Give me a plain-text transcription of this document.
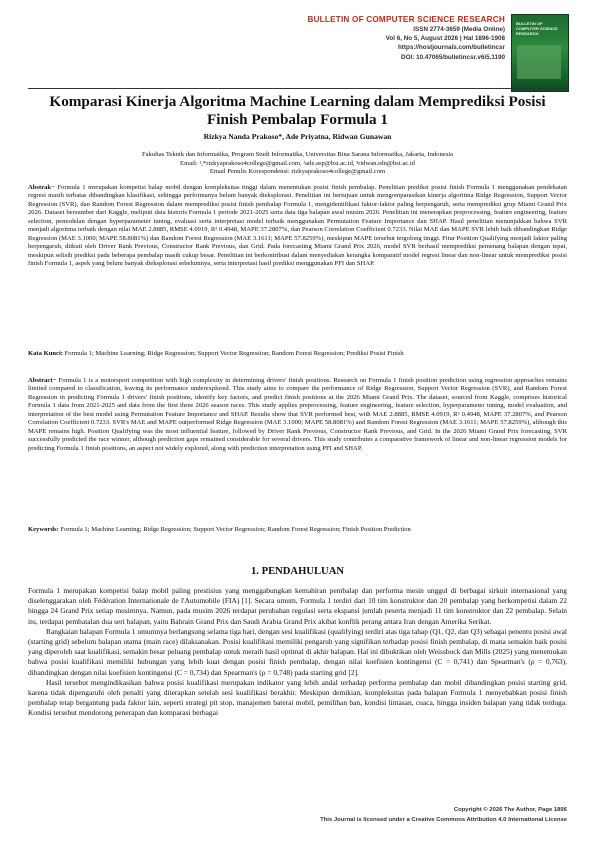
BULLETIN OF COMPUTER SCIENCE RESEARCH
ISSN 2774-3659 (Media Online)
Vol 6, No 5, August 2026 | Hal 1896-1908
https://hostjournals.com/bulletincsr
DOI: 10.47065/bulletincsr.v6i5.1190
BULLETIN OF COMPUTER SCIENCE RESEARCH
Komparasi Kinerja Algoritma Machine Learning dalam Memprediksi Posisi Finish Pembalap Formula 1
Rizkya Nanda Prakoso*, Ade Priyatna, Ridwan Gunawan
Fakultas Teknik dan Informatika, Program Studi Informatika, Universitas Bina Sarana Informatika, Jakarta, Indonesia
Email: ¹,*rizkyaprakoso4college@gmail.com, ²ade.asp@bsi.ac.id, ³ridwan.rdn@bsi.ac.id
Email Penulis Korespondensi: rizkyaprakoso4college@gmail.com
Abstrak− Formula 1 merupakan kompetisi balap mobil dengan kompleksitas tinggi dalam menentukan posisi finish pembalap. Penelitian prediksi posisi finish Formula 1 menggunakan pendekatan regresi masih terbatas dibandingkan klasifikasi, sehingga performanya belum banyak dieksplorasi. Penelitian ini bertujuan untuk mengomparasikan kinerja algoritma Ridge Regression, Support Vector Regression (SVR), dan Random Forest Regression dalam memprediksi posisi finish pembalap Formula 1, mengidentifikasi faktor-faktor paling berpengaruh, serta memprediksi grup Miami Grand Prix 2026. Dataset bersumber dari Kaggle, meliputi data historis Formula 1 periode 2021-2025 serta data tiga balapan awal musim 2026. Penelitian ini menerapkan preprocessing, feature engineering, feature selection, pemodelan dengan hyperparameter tuning, evaluasi serta interpretasi model terbaik menggunakan Permutation Feature Importance dan SHAP. Hasil penelitian menunjukkan bahwa SVR menjadi algoritma terbaik dengan nilai MAE 2.8885, RMSE 4.0919, R² 0.4948, MAPE 37.2807%, dan Pearson Correlation Coefficient 0.7233. Nilai MAE dan MAPE SVR lebih baik dibandingkan Ridge Regression (MAE 3.1000; MAPE 58.8081%) dan Random Forest Regression (MAE 3.1611; MAPE 57.8259%), meskipun MAPE tersebut tergolong tinggi. Fitur Position Qualifying menjadi faktor paling berpengaruh, diikuti oleh Driver Rank Previous, Constructor Rank Previous, dan Grid. Pada forecasting Miami Grand Prix 2026, model SVR berhasil memprediksi pemenang balapan dengan tepat, meskipun selisih prediksi pada beberapa pembalap masih cukup besar. Penelitian ini berkontribusi dalam menyediakan kerangka komparatif model regresi linear dan non-linear untuk memprediksi posisi finish Formula 1, aspek yang belum banyak dieksplorasi sebelumnya, serta interpretasi hasil prediksi menggunakan PFI dan SHAP.
Kata Kunci: Formula 1; Machine Learning; Ridge Regression; Support Vector Regression; Random Forest Regression; Prediksi Posisi Finish
Abstract− Formula 1 is a motorsport competition with high complexity in determining drivers' finish positions. Research on Formula 1 finish position prediction using regression approaches remains limited compared to classification, leaving its performance underexplored. This study aims to compare the performance of Ridge Regression, Support Vector Regression (SVR), and Random Forest Regression in predicting Formula 1 drivers' finish positions, identify key factors, and predict finish positions at the 2026 Miami Grand Prix. The dataset, sourced from Kaggle, comprises historical Formula 1 data from 2021-2025 and data from the first three 2026 season races. This study applies preprocessing, feature engineering, feature selection, hyperparameter tuning, model evaluation, and interpretation of the best model using Permutation Feature Importance and SHAP. Results show that SVR performed best, with MAE 2.8885, RMSE 4.0919, R² 0.4948, MAPE 37.2807%, and Pearson Correlation Coefficient 0.7233. SVR's MAE and MAPE outperformed Ridge Regression (MAE 3.1000; MAPE 58.8081%) and Random Forest Regression (MAE 3.1611; MAPE 57.8259%), although this MAPE remains high. Position Qualifying was the most influential feature, followed by Driver Rank Previous, Constructor Rank Previous, and Grid. In the 2026 Miami Grand Prix forecasting, SVR successfully predicted the race winner, although prediction gaps remained considerable for several drivers. This study contributes a comparative framework of linear and non-linear regression models for predicting Formula 1 finish positions, an aspect not widely explored, along with prediction interpretation using PFI and SHAP.
Keywords: Formula 1; Machine Learning; Ridge Regression; Support Vector Regression; Random Forest Regression; Finish Position Prediction
1. PENDAHULUAN

Formula 1 merupakan kompetisi balap mobil paling prestisius yang menggabungkan kemahiran pembalap dan performa mesin unggul di berbagai sirkuit internasional yang diselenggarakan oleh Fédération Internationale de l'Automobile (FIA) [1]. Secara umum, Formula 1 terdiri dari 10 tim konstruktor dan 20 pembalap yang berkompetisi dalam 22 hingga 24 Grand Prix setiap musimnya. Namun, pada musim 2026 terdapat perubahan regulasi serta ekspansi jumlah peserta menjadi 11 tim konstruktor dan 22 pembalap. Selain itu, terdapat pembatalan dua seri balapan, yaitu Bahrain Grand Prix dan Saudi Arabia Grand Prix akibat konflik perang antara Iran dengan Amerika Serikat.

Rangkaian balapan Formula 1 umumnya berlangsung selama tiga hari, dengan sesi kualifikasi (qualifying) terdiri atas tiga tahap (Q1, Q2, dan Q3) sebagai penentu posisi awal (starting grid) sebelum balapan utama (main race) dilaksanakan. Posisi kualifikasi memiliki pengaruh yang signifikan terhadap posisi finish pembalap, di mana semakin baik posisi yang diperoleh saat kualifikasi, semakin besar peluang pembalap untuk meraih hasil optimal di akhir balapan. Hal ini dibuktikan oleh Weissbock dan Mills (2025) yang menemukan bahwa posisi kualifikasi memiliki hubungan yang lebih kuat dengan posisi finish pembalap, dengan nilai koefisien kontingensi (C = 0,741) dan Spearman's (ρ = 0,763), dibandingkan dengan nilai koefisien kontingensi (C = 0,734) dan Spearman's (ρ = 0,748) pada starting grid [2].

Hasil tersebut mengindikasikan bahwa posisi kualifikasi merupakan indikator yang lebih andal terhadap performa pembalap dan mobil dibandingkan posisi starting grid, karena tidak dipengaruhi oleh penalti yang diterapkan setelah sesi kualifikasi berakhir. Meskipun demikian, kompleksitas pada balapan Formula 1 menyebabkan posisi finish pembalap tetap bergantung pada faktor lain, seperti strategi pit stop, manajemen baterai mobil, pemilihan ban, kondisi lintasan, cuaca, hingga insiden balapan yang tidak terduga. Kondisi tersebut mendorong penerapan dan komparasi berbagai

Copyright © 2026 The Author, Page 1896
This Journal is licensed under a Creative Commons Attribution 4.0 International License
